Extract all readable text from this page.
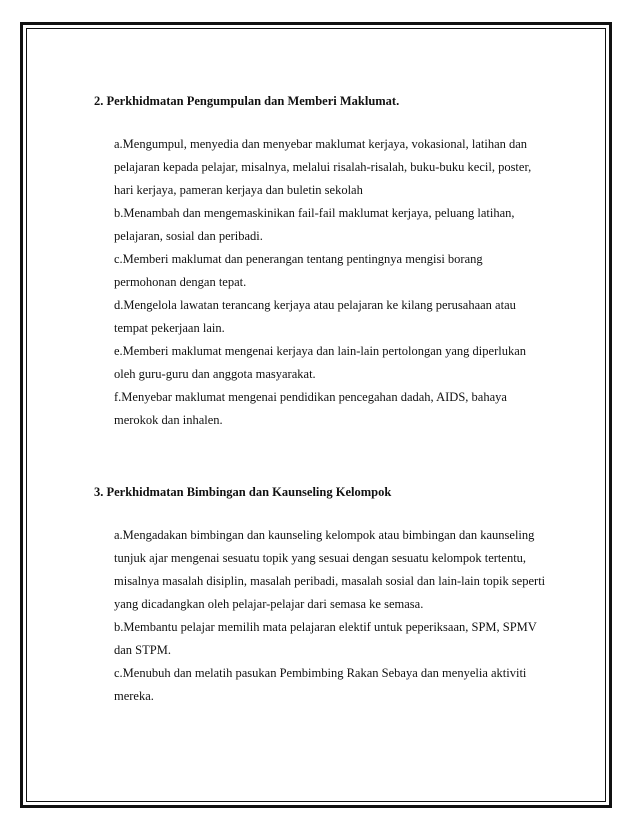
2. Perkhidmatan Pengumpulan dan Memberi Maklumat.
a.Mengumpul, menyedia dan menyebar maklumat kerjaya, vokasional, latihan dan
pelajaran kepada pelajar, misalnya, melalui risalah-risalah, buku-buku kecil, poster,
hari kerjaya, pameran kerjaya dan buletin sekolah
b.Menambah dan mengemaskinikan fail-fail maklumat kerjaya, peluang latihan,
pelajaran, sosial dan peribadi.
c.Memberi maklumat dan penerangan tentang pentingnya mengisi borang
permohonan dengan tepat.
d.Mengelola lawatan terancang kerjaya atau pelajaran ke kilang perusahaan atau
tempat pekerjaan lain.
e.Memberi maklumat mengenai kerjaya dan lain-lain pertolongan yang diperlukan
oleh guru-guru dan anggota masyarakat.
f.Menyebar maklumat mengenai pendidikan pencegahan dadah, AIDS, bahaya
merokok dan inhalen.
3. Perkhidmatan Bimbingan dan Kaunseling Kelompok
a.Mengadakan bimbingan dan kaunseling kelompok atau bimbingan dan kaunseling
tunjuk ajar mengenai sesuatu topik yang sesuai dengan sesuatu kelompok tertentu,
misalnya masalah disiplin, masalah peribadi, masalah sosial dan lain-lain topik seperti
yang dicadangkan oleh pelajar-pelajar dari semasa ke semasa.
b.Membantu pelajar memilih mata pelajaran elektif untuk peperiksaan, SPM, SPMV
dan STPM.
c.Menubuh dan melatih pasukan Pembimbing Rakan Sebaya dan menyelia aktiviti
mereka.
